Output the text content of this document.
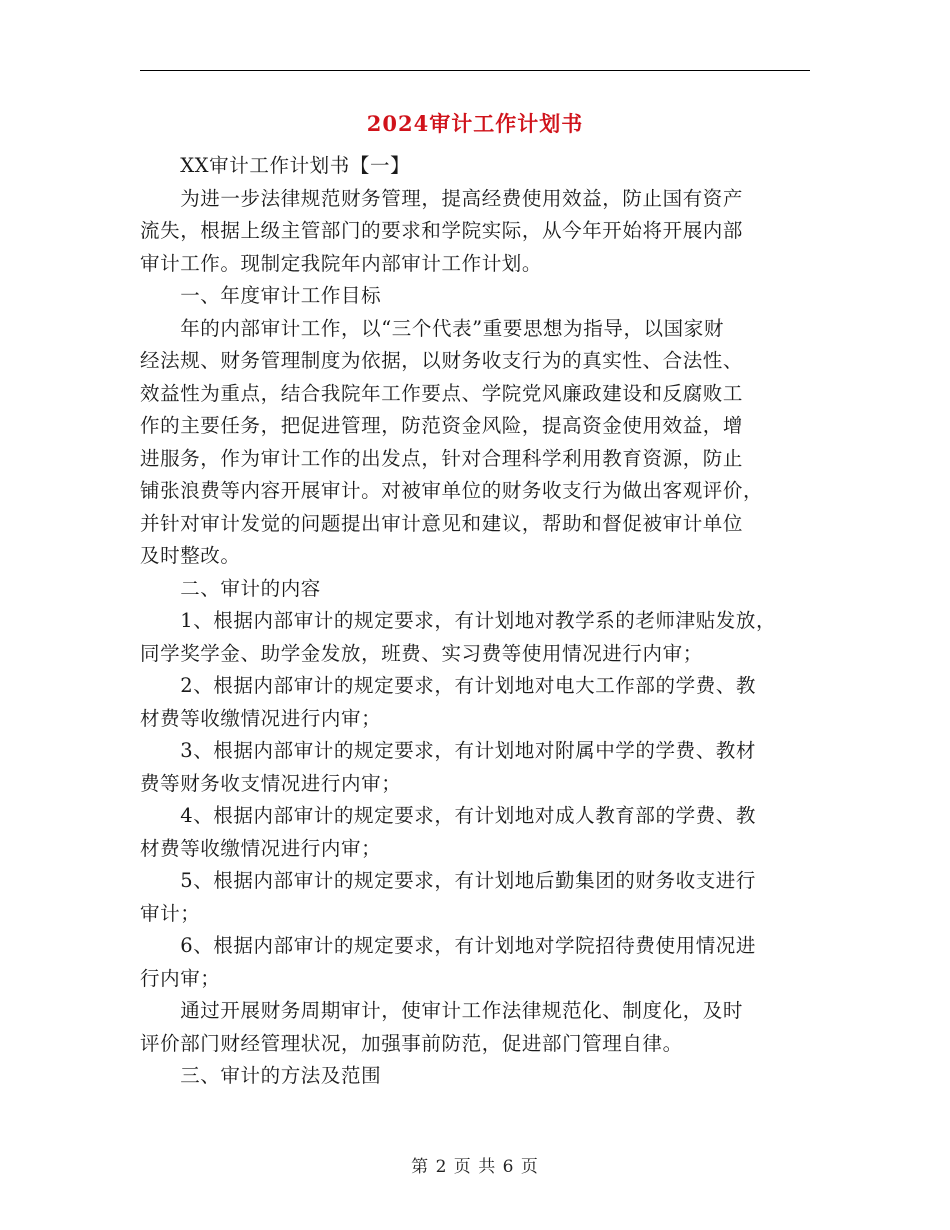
2024审计工作计划书
　　XX审计工作计划书【一】
　　为进一步法律规范财务管理，提高经费使用效益，防止国有资产
流失，根据上级主管部门的要求和学院实际，从今年开始将开展内部
审计工作。现制定我院年内部审计工作计划。
　　一、年度审计工作目标
　　年的内部审计工作，以“三个代表”重要思想为指导，以国家财
经法规、财务管理制度为依据，以财务收支行为的真实性、合法性、
效益性为重点，结合我院年工作要点、学院党风廉政建设和反腐败工
作的主要任务，把促进管理，防范资金风险，提高资金使用效益，增
进服务，作为审计工作的出发点，针对合理科学利用教育资源，防止
铺张浪费等内容开展审计。对被审单位的财务收支行为做出客观评价，
并针对审计发觉的问题提出审计意见和建议，帮助和督促被审计单位
及时整改。
　　二、审计的内容
　　1、根据内部审计的规定要求，有计划地对教学系的老师津贴发放，
同学奖学金、助学金发放，班费、实习费等使用情况进行内审；
　　2、根据内部审计的规定要求，有计划地对电大工作部的学费、教
材费等收缴情况进行内审；
　　3、根据内部审计的规定要求，有计划地对附属中学的学费、教材
费等财务收支情况进行内审；
　　4、根据内部审计的规定要求，有计划地对成人教育部的学费、教
材费等收缴情况进行内审；
　　5、根据内部审计的规定要求，有计划地后勤集团的财务收支进行
审计；
　　6、根据内部审计的规定要求，有计划地对学院招待费使用情况进
行内审；
　　通过开展财务周期审计，使审计工作法律规范化、制度化，及时
评价部门财经管理状况，加强事前防范，促进部门管理自律。
　　三、审计的方法及范围
第 2 页 共 6 页
